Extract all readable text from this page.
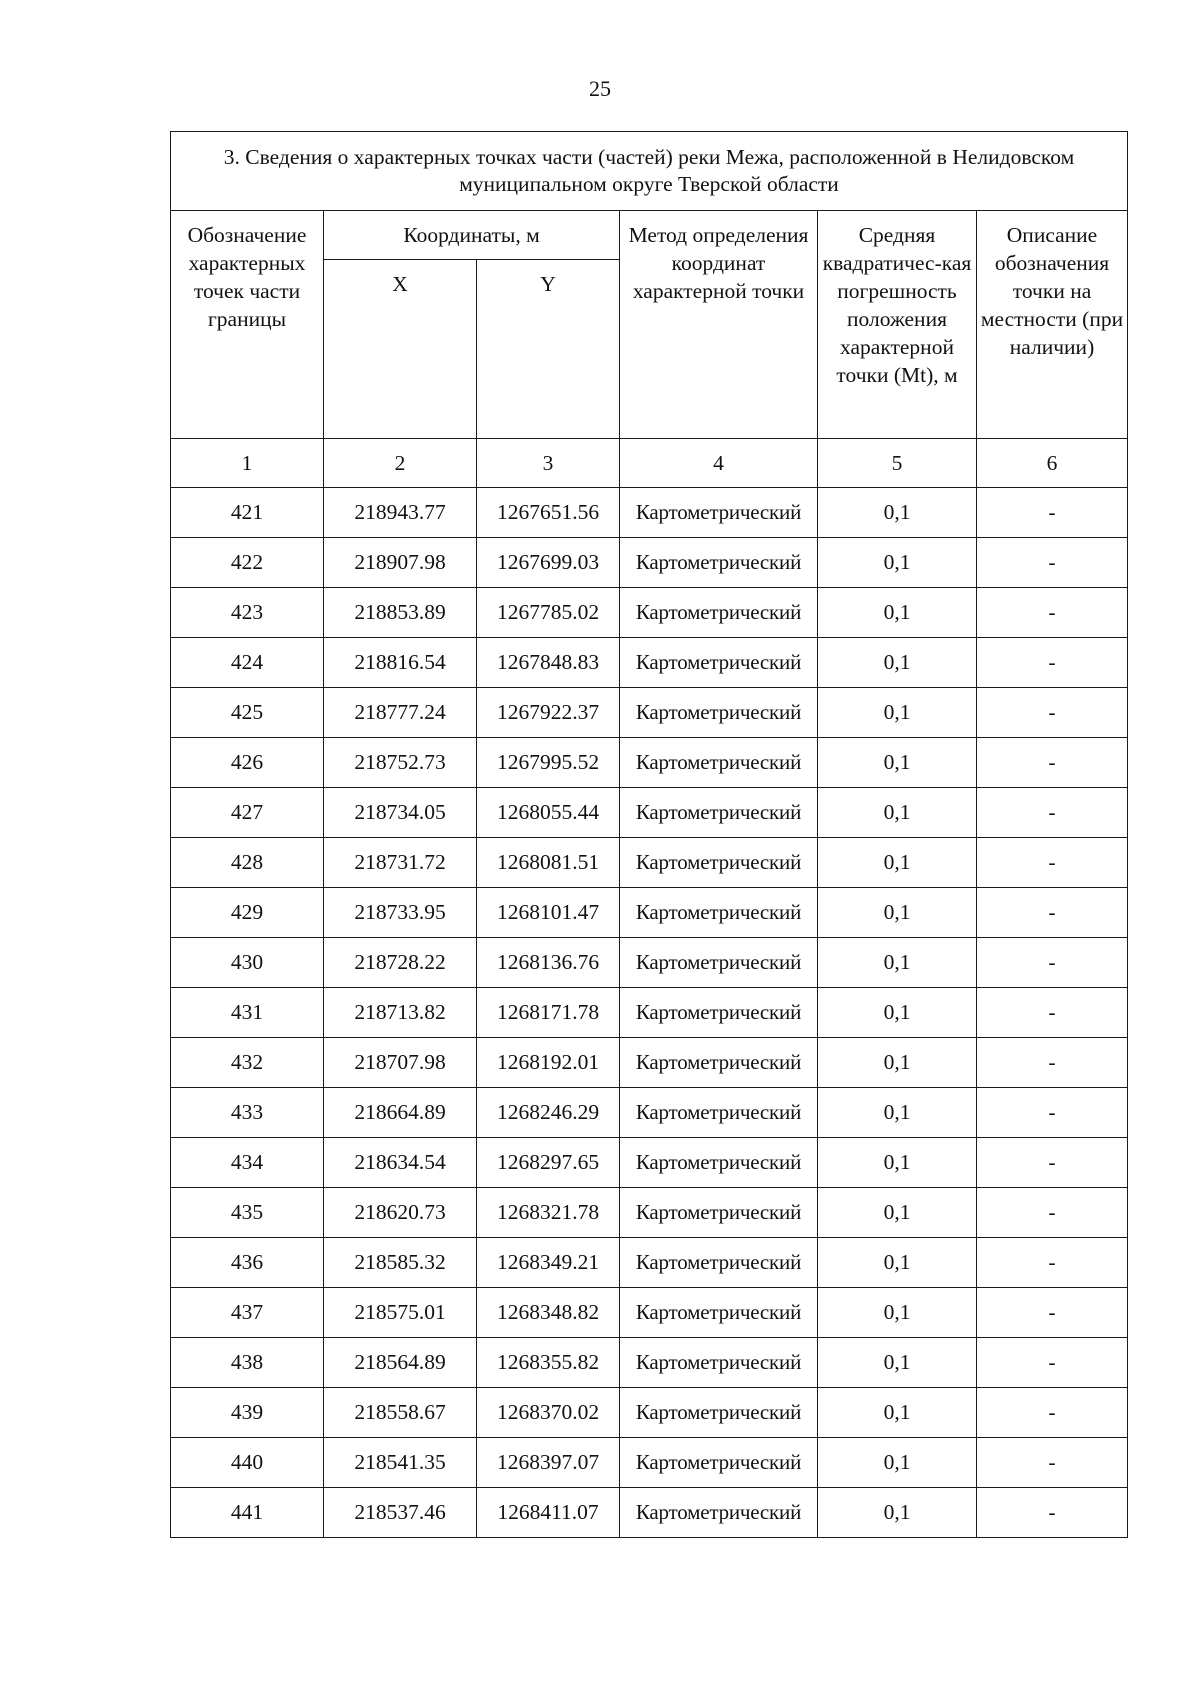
25
3. Сведения о характерных точках части (частей) реки Межа, расположенной в Нелидовском муниципальном округе Тверской области					
Обозначение характерных точек части границы	Координаты, м		Метод определения координат характерной точки	Средняя квадратичес-кая погрешность положения характерной точки (Mt), м	Описание обозначения точки на местности (при наличии)
	X	Y			
1	2	3	4	5	6
421	218943.77	1267651.56	Картометрический	0,1	-
422	218907.98	1267699.03	Картометрический	0,1	-
423	218853.89	1267785.02	Картометрический	0,1	-
424	218816.54	1267848.83	Картометрический	0,1	-
425	218777.24	1267922.37	Картометрический	0,1	-
426	218752.73	1267995.52	Картометрический	0,1	-
427	218734.05	1268055.44	Картометрический	0,1	-
428	218731.72	1268081.51	Картометрический	0,1	-
429	218733.95	1268101.47	Картометрический	0,1	-
430	218728.22	1268136.76	Картометрический	0,1	-
431	218713.82	1268171.78	Картометрический	0,1	-
432	218707.98	1268192.01	Картометрический	0,1	-
433	218664.89	1268246.29	Картометрический	0,1	-
434	218634.54	1268297.65	Картометрический	0,1	-
435	218620.73	1268321.78	Картометрический	0,1	-
436	218585.32	1268349.21	Картометрический	0,1	-
437	218575.01	1268348.82	Картометрический	0,1	-
438	218564.89	1268355.82	Картометрический	0,1	-
439	218558.67	1268370.02	Картометрический	0,1	-
440	218541.35	1268397.07	Картометрический	0,1	-
441	218537.46	1268411.07	Картометрический	0,1	-
